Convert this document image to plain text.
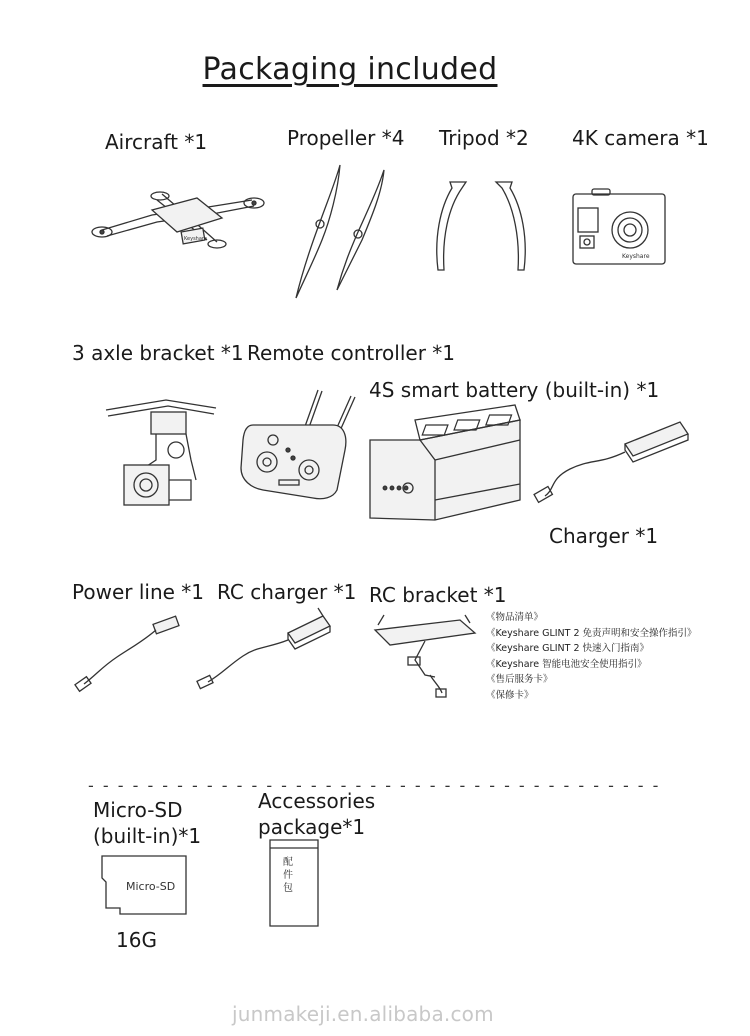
Packaging included
Aircraft *1	Propeller *4 Tripod *2 4K camera *1
Keyshare
Keyshare
3 axle bracket *1 Remote controller *1
4S smart battery (built-in) *1
Charger *1
Power line *1 RC charger *1 RC bracket *1
《物品清单》
《Keyshare GLINT 2 免责声明和安全操作指引》
《Keyshare GLINT 2 快速入门指南》
《Keyshare 智能电池安全使用指引》
《售后服务卡》
《保修卡》
- - - - - - - - - - - - - - - - - - - - - - - - - - - - - - - - - - - - - - -
Micro-SD
(built-in)*1
Micro-SD
16G
Accessories
package*1
配件包
junmakeji.en.alibaba.com
